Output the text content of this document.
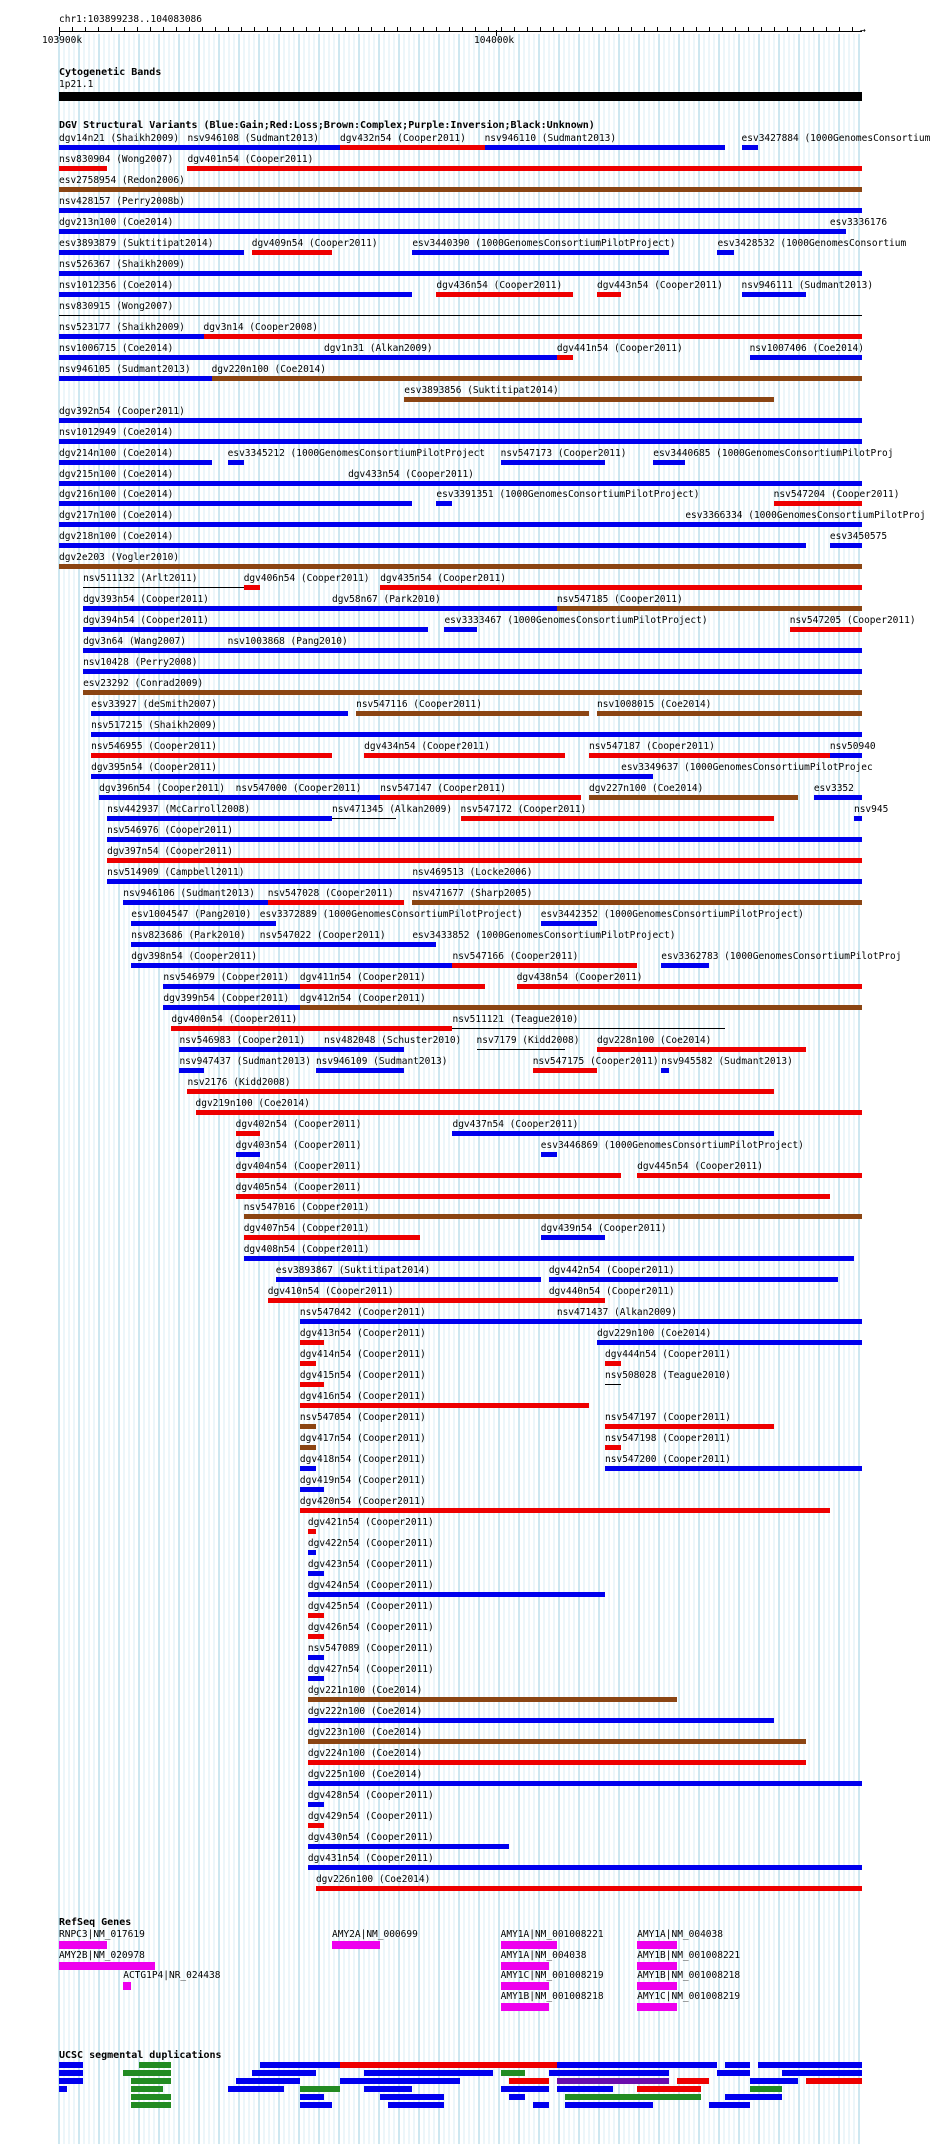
chr1:103899238..104083086
→
103900k	104000k
Cytogenetic Bands
1p21.1
DGV Structural Variants (Blue:Gain;Red:Loss;Brown:Complex;Purple:Inversion;Black:Unknown)
dgv14n21 (Shaikh2009) nsv946108 (Sudmant2013) dgv432n54 (Cooper2011) nsv946110 (Sudmant2013)	esv3427884 (1000GenomesConsortium
nsv830904 (Wong2007) dgv401n54 (Cooper2011)
esv2758954 (Redon2006)
nsv428157 (Perry2008b)
dgv213n100 (Coe2014)	esv3336176
esv3893879 (Suktitipat2014)	dgv409n54 (Cooper2011)	esv3440390 (1000GenomesConsortiumPilotProject)	esv3428532 (1000GenomesConsortium
nsv526367 (Shaikh2009)
nsv1012356 (Coe2014)	dgv436n54 (Cooper2011)	dgv443n54 (Cooper2011) nsv946111 (Sudmant2013)
nsv830915 (Wong2007)
nsv523177 (Shaikh2009) dgv3n14 (Cooper2008)
nsv1006715 (Coe2014)	dgv1n31 (Alkan2009)	dgv441n54 (Cooper2011)	nsv1007406 (Coe2014)
nsv946105 (Sudmant2013) dgv220n100 (Coe2014)
esv3893856 (Suktitipat2014)
dgv392n54 (Cooper2011)
nsv1012949 (Coe2014)
dgv214n100 (Coe2014)	esv3345212 (1000GenomesConsortiumPilotProject nsv547173 (Cooper2011)	esv3440685 (1000GenomesConsortiumPilotProj
dgv215n100 (Coe2014)	dgv433n54 (Cooper2011)
dgv216n100 (Coe2014)	esv3391351 (1000GenomesConsortiumPilotProject)	nsv547204 (Cooper2011)
dgv217n100 (Coe2014)	esv3366334 (1000GenomesConsortiumPilotProj
dgv218n100 (Coe2014)	esv3450575
dgv2e203 (Vogler2010)
nsv511132 (Arlt2011)	dgv406n54 (Cooper2011) dgv435n54 (Cooper2011)
dgv393n54 (Cooper2011)	dgv58n67 (Park2010)	nsv547185 (Cooper2011)
dgv394n54 (Cooper2011)	esv3333467 (1000GenomesConsortiumPilotProject)	nsv547205 (Cooper2011)
dgv3n64 (Wang2007)	nsv1003868 (Pang2010)
nsv10428 (Perry2008)
esv23292 (Conrad2009)
esv33927 (deSmith2007)	nsv547116 (Cooper2011)	nsv1008015 (Coe2014)
nsv517215 (Shaikh2009)
nsv546955 (Cooper2011)	dgv434n54 (Cooper2011)	nsv547187 (Cooper2011)	nsv50940
dgv395n54 (Cooper2011)	esv3349637 (1000GenomesConsortiumPilotProjec
dgv396n54 (Cooper2011) nsv547000 (Cooper2011) nsv547147 (Cooper2011)	dgv227n100 (Coe2014)	esv3352
nsv442937 (McCarroll2008)	nsv471345 (Alkan2009) nsv547172 (Cooper2011)	nsv945
nsv546976 (Cooper2011)
dgv397n54 (Cooper2011)
nsv514909 (Campbell2011)	nsv469513 (Locke2006)
nsv946106 (Sudmant2013) nsv547028 (Cooper2011) nsv471677 (Sharp2005)
esv1004547 (Pang2010) esv3372889 (1000GenomesConsortiumPilotProject) esv3442352 (1000GenomesConsortiumPilotProject)
nsv823686 (Park2010) nsv547022 (Cooper2011)	esv3433852 (1000GenomesConsortiumPilotProject)
dgv398n54 (Cooper2011)	nsv547166 (Cooper2011)	esv3362783 (1000GenomesConsortiumPilotProj
nsv546979 (Cooper2011) dgv411n54 (Cooper2011)	dgv438n54 (Cooper2011)
dgv399n54 (Cooper2011) dgv412n54 (Cooper2011)
dgv400n54 (Cooper2011)	nsv511121 (Teague2010)
nsv546983 (Cooper2011) nsv482048 (Schuster2010) nsv7179 (Kidd2008) dgv228n100 (Coe2014)
nsv947437 (Sudmant2013) nsv946109 (Sudmant2013)	nsv547175 (Cooper2011) nsv945582 (Sudmant2013)
nsv2176 (Kidd2008)
dgv219n100 (Coe2014)
dgv402n54 (Cooper2011)	dgv437n54 (Cooper2011)
dgv403n54 (Cooper2011)	esv3446869 (1000GenomesConsortiumPilotProject)
dgv404n54 (Cooper2011)	dgv445n54 (Cooper2011)
dgv405n54 (Cooper2011)
nsv547016 (Cooper2011)
dgv407n54 (Cooper2011)	dgv439n54 (Cooper2011)
dgv408n54 (Cooper2011)
esv3893867 (Suktitipat2014)	dgv442n54 (Cooper2011)
dgv410n54 (Cooper2011)	dgv440n54 (Cooper2011)
nsv547042 (Cooper2011)	nsv471437 (Alkan2009)
dgv413n54 (Cooper2011)	dgv229n100 (Coe2014)
dgv414n54 (Cooper2011)	dgv444n54 (Cooper2011)
dgv415n54 (Cooper2011)	nsv508028 (Teague2010)
dgv416n54 (Cooper2011)
nsv547054 (Cooper2011)	nsv547197 (Cooper2011)
dgv417n54 (Cooper2011)	nsv547198 (Cooper2011)
dgv418n54 (Cooper2011)	nsv547200 (Cooper2011)
dgv419n54 (Cooper2011)
dgv420n54 (Cooper2011)
dgv421n54 (Cooper2011)
dgv422n54 (Cooper2011)
dgv423n54 (Cooper2011)
dgv424n54 (Cooper2011)
dgv425n54 (Cooper2011)
dgv426n54 (Cooper2011)
nsv547089 (Cooper2011)
dgv427n54 (Cooper2011)
dgv221n100 (Coe2014)
dgv222n100 (Coe2014)
dgv223n100 (Coe2014)
dgv224n100 (Coe2014)
dgv225n100 (Coe2014)
dgv428n54 (Cooper2011)
dgv429n54 (Cooper2011)
dgv430n54 (Cooper2011)
dgv431n54 (Cooper2011)
dgv226n100 (Coe2014)
RefSeq Genes
RNPC3|NM_017619	AMY2A|NM_000699	AMY1A|NM_001008221	AMY1A|NM_004038
AMY2B|NM_020978	AMY1A|NM_004038	AMY1B|NM_001008221
ACTG1P4|NR_024438	AMY1C|NM_001008219	AMY1B|NM_001008218
AMY1B|NM_001008218	AMY1C|NM_001008219
UCSC segmental duplications
